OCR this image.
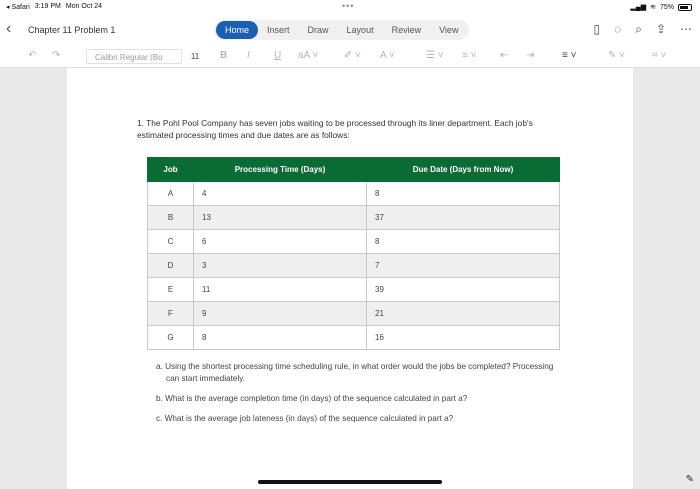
◂ Safari 3:19 PM Mon Oct 24	•••	▂▄▆ ≋ 75%
‹ Chapter 11 Problem 1	Home	Insert	Draw	Layout	Review	View	▯ ◌ ⌕ ⇪ ⋯
↶ ↷	Calibri Regular (Bo	11	B I U aA ˅	✐ ˅ A ˅	☰ ˅ ≡ ˅ ⇤ ⇥	≡ ˅	✎ ˅	⌗ ˅
1. The Pohl Pool Company has seven jobs waiting to be processed through its liner department. Each job's estimated processing times and due dates are as follows:
Job	Processing Time (Days)	Due Date (Days from Now)
A	4	8
B	13	37
C	6	8
D	3	7
E	11	39
F	9	21
G	8	16

a. Using the shortest processing time scheduling rule, in what order would the jobs be completed? Processing can start immediately.

b. What is the average completion time (in days) of the sequence calculated in part a?

c. What is the average job lateness (in days) of the sequence calculated in part a?

✎
